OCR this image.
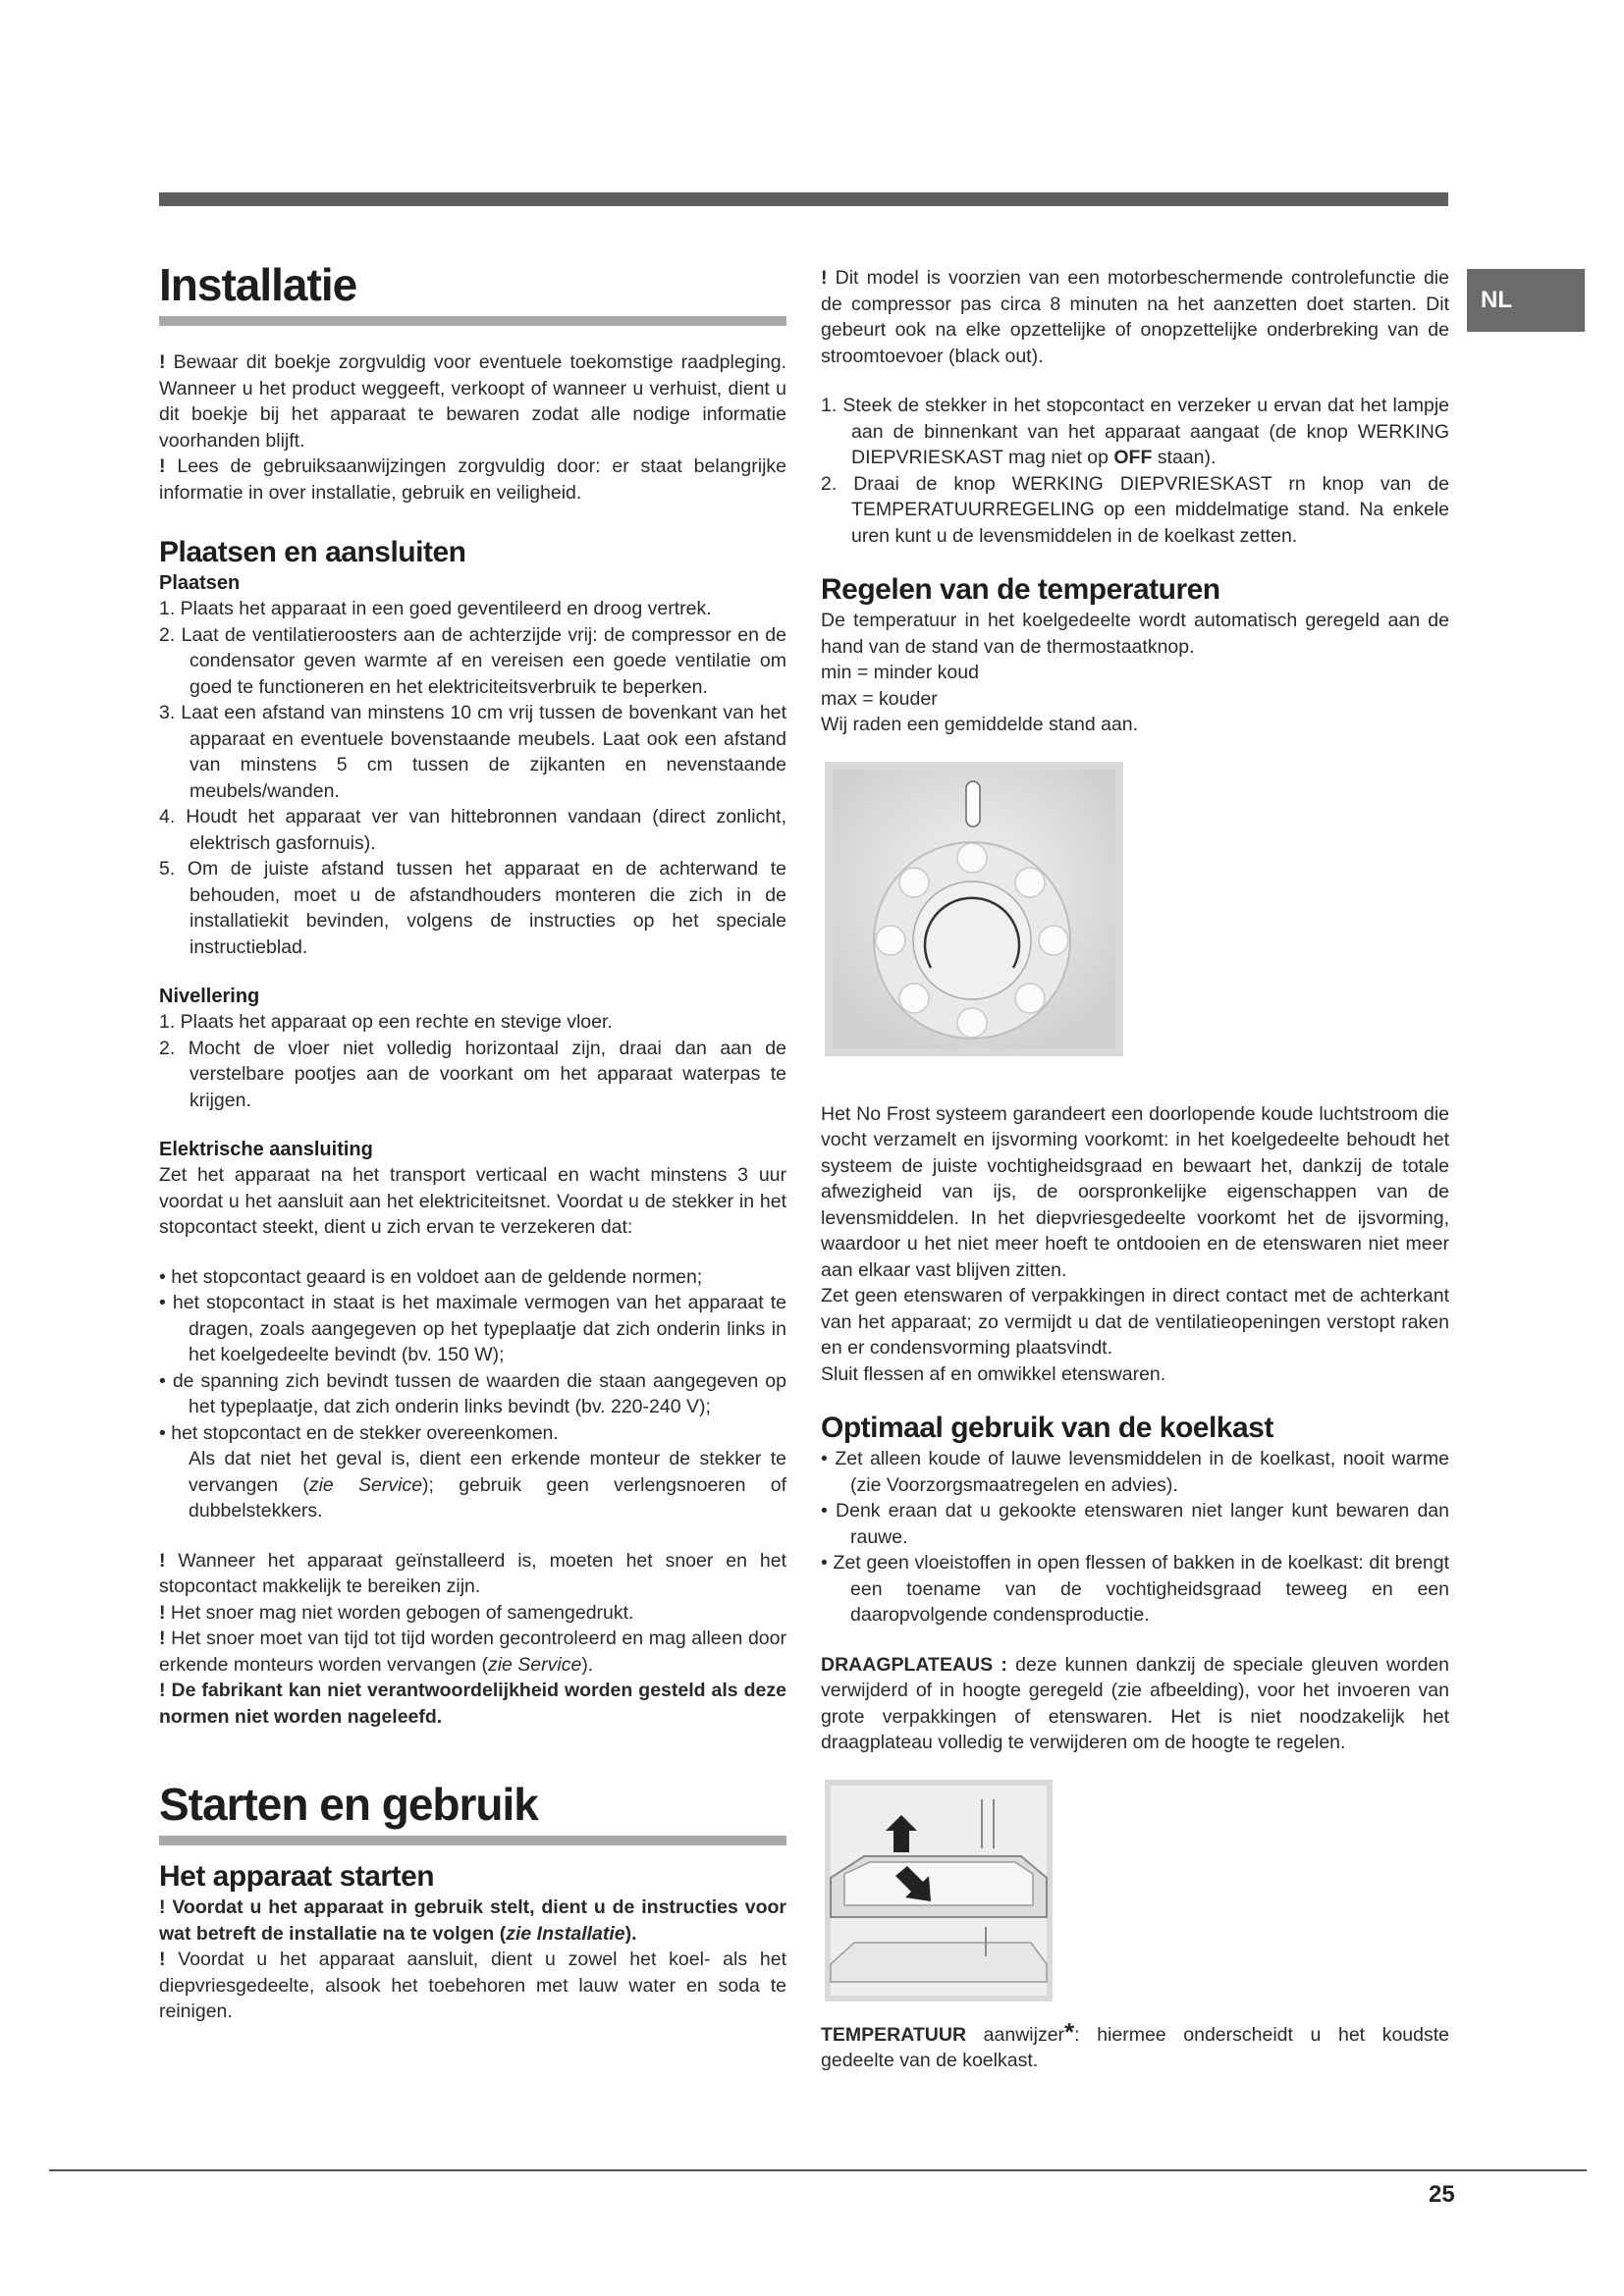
NL
Installatie

! Bewaar dit boekje zorgvuldig voor eventuele toekomstige raadpleging. Wanneer u het product weggeeft, verkoopt of wanneer u verhuist, dient u dit boekje bij het apparaat te bewaren zodat alle nodige informatie voorhanden blijft.

! Lees de gebruiksaanwijzingen zorgvuldig door: er staat belangrijke informatie in over installatie, gebruik en veiligheid.

Plaatsen en aansluiten
Plaatsen
1. Plaats het apparaat in een goed geventileerd en droog vertrek.
2. Laat de ventilatieroosters aan de achterzijde vrij: de compressor en de condensator geven warmte af en vereisen een goede ventilatie om goed te functioneren en het elektriciteitsverbruik te beperken.
3. Laat een afstand van minstens 10 cm vrij tussen de bovenkant van het apparaat en eventuele bovenstaande meubels. Laat ook een afstand van minstens 5 cm tussen de zijkanten en nevenstaande meubels/wanden.
4. Houdt het apparaat ver van hittebronnen vandaan (direct zonlicht, elektrisch gasfornuis).
5. Om de juiste afstand tussen het apparaat en de achterwand te behouden, moet u de afstandhouders monteren die zich in de installatiekit bevinden, volgens de instructies op het speciale instructieblad.
Nivellering
1. Plaats het apparaat op een rechte en stevige vloer.
2. Mocht de vloer niet volledig horizontaal zijn, draai dan aan de verstelbare pootjes aan de voorkant om het apparaat waterpas te krijgen.
Elektrische aansluiting

Zet het apparaat na het transport verticaal en wacht minstens 3 uur voordat u het aansluit aan het elektriciteitsnet. Voordat u de stekker in het stopcontact steekt, dient u zich ervan te verzekeren dat:

• het stopcontact geaard is en voldoet aan de geldende normen;
• het stopcontact in staat is het maximale vermogen van het apparaat te dragen, zoals aangegeven op het typeplaatje dat zich onderin links in het koelgedeelte bevindt (bv. 150 W);
• de spanning zich bevindt tussen de waarden die staan aangegeven op het typeplaatje, dat zich onderin links bevindt (bv. 220-240 V);
• het stopcontact en de stekker overeenkomen.

Als dat niet het geval is, dient een erkende monteur de stekker te vervangen (zie Service); gebruik geen verlengsnoeren of dubbelstekkers.

! Wanneer het apparaat geïnstalleerd is, moeten het snoer en het stopcontact makkelijk te bereiken zijn.

! Het snoer mag niet worden gebogen of samengedrukt.

! Het snoer moet van tijd tot tijd worden gecontroleerd en mag alleen door erkende monteurs worden vervangen (zie Service).

! De fabrikant kan niet verantwoordelijkheid worden gesteld als deze normen niet worden nageleefd.

Starten en gebruik
Het apparaat starten

! Voordat u het apparaat in gebruik stelt, dient u de instructies voor wat betreft de installatie na te volgen (zie Installatie).

! Voordat u het apparaat aansluit, dient u zowel het koel- als het diepvriesgedeelte, alsook het toebehoren met lauw water en soda te reinigen.

! Dit model is voorzien van een motorbeschermende controlefunctie die de compressor pas circa 8 minuten na het aanzetten doet starten. Dit gebeurt ook na elke opzettelijke of onopzettelijke onderbreking van de stroomtoevoer (black out).

1. Steek de stekker in het stopcontact en verzeker u ervan dat het lampje aan de binnenkant van het apparaat aangaat (de knop WERKING DIEPVRIESKAST mag niet op OFF staan).
2. Draai de knop WERKING DIEPVRIESKAST rn knop van de TEMPERATUURREGELING op een middelmatige stand. Na enkele uren kunt u de levensmiddelen in de koelkast zetten.
Regelen van de temperaturen

De temperatuur in het koelgedeelte wordt automatisch geregeld aan de hand van de stand van de thermostaatknop.

min = minder koud

max = kouder

Wij raden een gemiddelde stand aan.

Het No Frost systeem garandeert een doorlopende koude luchtstroom die vocht verzamelt en ijsvorming voorkomt: in het koelgedeelte behoudt het systeem de juiste vochtigheidsgraad en bewaart het, dankzij de totale afwezigheid van ijs, de oorspronkelijke eigenschappen van de levensmiddelen. In het diepvriesgedeelte voorkomt het de ijsvorming, waardoor u het niet meer hoeft te ontdooien en de etenswaren niet meer aan elkaar vast blijven zitten.

Zet geen etenswaren of verpakkingen in direct contact met de achterkant van het apparaat; zo vermijdt u dat de ventilatieopeningen verstopt raken en er condensvorming plaatsvindt.

Sluit flessen af en omwikkel etenswaren.

Optimaal gebruik van de koelkast
• Zet alleen koude of lauwe levensmiddelen in de koelkast, nooit warme (zie Voorzorgsmaatregelen en advies).
• Denk eraan dat u gekookte etenswaren niet langer kunt bewaren dan rauwe.
• Zet geen vloeistoffen in open flessen of bakken in de koelkast: dit brengt een toename van de vochtigheidsgraad teweeg en een daaropvolgende condensproductie.

DRAAGPLATEAUS : deze kunnen dankzij de speciale gleuven worden verwijderd of in hoogte geregeld (zie afbeelding), voor het invoeren van grote verpakkingen of etenswaren. Het is niet noodzakelijk het draagplateau volledig te verwijderen om de hoogte te regelen.

TEMPERATUUR aanwijzer*: hiermee onderscheidt u het koudste gedeelte van de koelkast.

25
